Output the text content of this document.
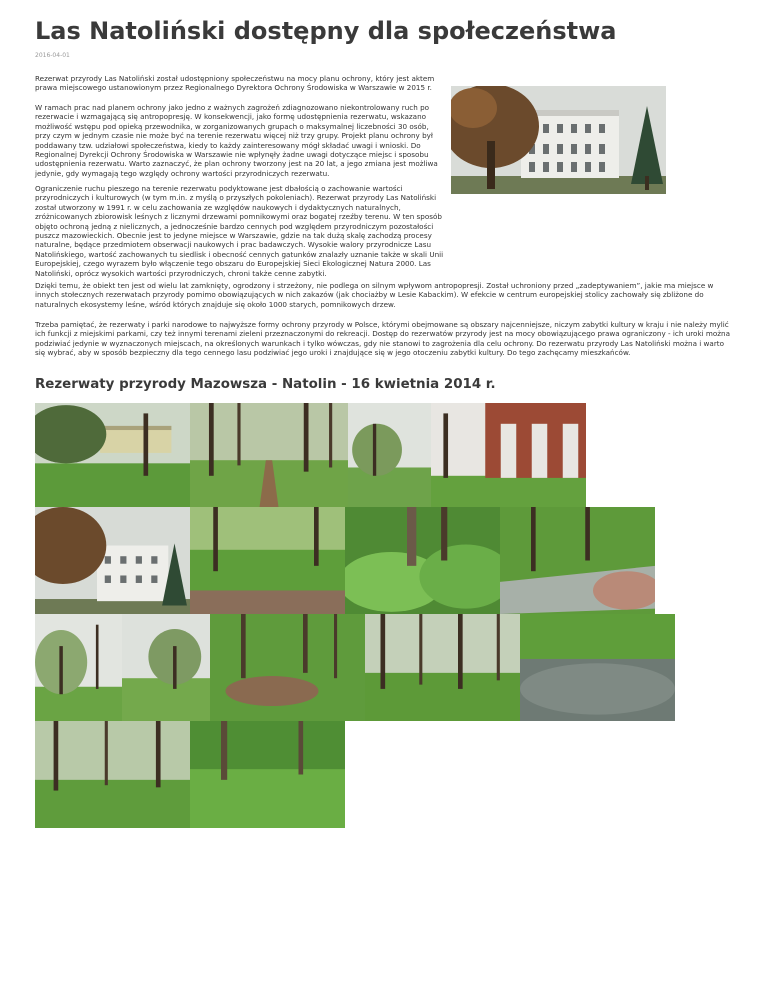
Las Natoliński dostępny dla społeczeństwa
2016-04-01

Rezerwat przyrody Las Natoliński został udostępniony społeczeństwu na mocy planu ochrony, który jest aktem prawa miejscowego ustanowionym przez Regionalnego Dyrektora Ochrony Środowiska w Warszawie w 2015 r.

W ramach prac nad planem ochrony jako jedno z ważnych zagrożeń zdiagnozowano niekontrolowany ruch po rezerwacie i wzmagającą się antropopresję. W konsekwencji, jako formę udostępnienia rezerwatu, wskazano możliwość wstępu pod opieką przewodnika, w zorganizowanych grupach o maksymalnej liczebności 30 osób, przy czym w jednym czasie nie może być na terenie rezerwatu więcej niż trzy grupy. Projekt planu ochrony był poddawany tzw. udziałowi społeczeństwa, kiedy to każdy zainteresowany mógł składać uwagi i wnioski. Do Regionalnej Dyrekcji Ochrony Środowiska w Warszawie nie wpłynęły żadne uwagi dotyczące miejsc i sposobu udostępnienia rezerwatu. Warto zaznaczyć, że plan ochrony tworzony jest na 20 lat, a jego zmiana jest możliwa jedynie, gdy wymagają tego względy ochrony wartości przyrodniczych rezerwatu.

Ograniczenie ruchu pieszego na terenie rezerwatu podyktowane jest dbałością o zachowanie wartości przyrodniczych i kulturowych (w tym m.in. z myślą o przyszłych pokoleniach). Rezerwat przyrody Las Natoliński został utworzony w 1991 r. w celu zachowania ze względów naukowych i dydaktycznych naturalnych, zróżnicowanych zbiorowisk leśnych z licznymi drzewami pomnikowymi oraz bogatej rzeźby terenu. W ten sposób objęto ochroną jedną z nielicznych, a jednocześnie bardzo cennych pod względem przyrodniczym pozostałości puszcz mazowieckich. Obecnie jest to jedyne miejsce w Warszawie, gdzie na tak dużą skalę zachodzą procesy naturalne, będące przedmiotem obserwacji naukowych i prac badawczych. Wysokie walory przyrodnicze Lasu Natolińskiego, wartość zachowanych tu siedlisk i obecność cennych gatunków znalazły uznanie także w skali Unii Europejskiej, czego wyrazem było włączenie tego obszaru do Europejskiej Sieci Ekologicznej Natura 2000. Las Natoliński, oprócz wysokich wartości przyrodniczych, chroni także cenne zabytki.

Dzięki temu, że obiekt ten jest od wielu lat zamknięty, ogrodzony i strzeżony, nie podlega on silnym wpływom antropopresji. Został uchroniony przed „zadeptywaniem”, jakie ma miejsce w innych stołecznych rezerwatach przyrody pomimo obowiązujących w nich zakazów (jak chociażby w Lesie Kabackim). W efekcie w centrum europejskiej stolicy zachowały się zbliżone do naturalnych ekosystemy leśne, wśród których znajduje się około 1000 starych, pomnikowych drzew.

Trzeba pamiętać, że rezerwaty i parki narodowe to najwyższe formy ochrony przyrody w Polsce, którymi obejmowane są obszary najcenniejsze, niczym zabytki kultury w kraju i nie należy mylić ich funkcji z miejskimi parkami, czy też innymi terenami zieleni przeznaczonymi do rekreacji. Dostęp do rezerwatów przyrody jest na mocy obowiązującego prawa ograniczony - ich uroki można podziwiać jedynie w wyznaczonych miejscach, na określonych warunkach i tylko wówczas, gdy nie stanowi to zagrożenia dla celu ochrony. Do rezerwatu przyrody Las Natoliński można i warto się wybrać, aby w sposób bezpieczny dla tego cennego lasu podziwiać jego uroki i znajdujące się w jego otoczeniu zabytki kultury. Do tego zachęcamy mieszkańców.

Rezerwaty przyrody Mazowsza - Natolin - 16 kwietnia 2014 r.
